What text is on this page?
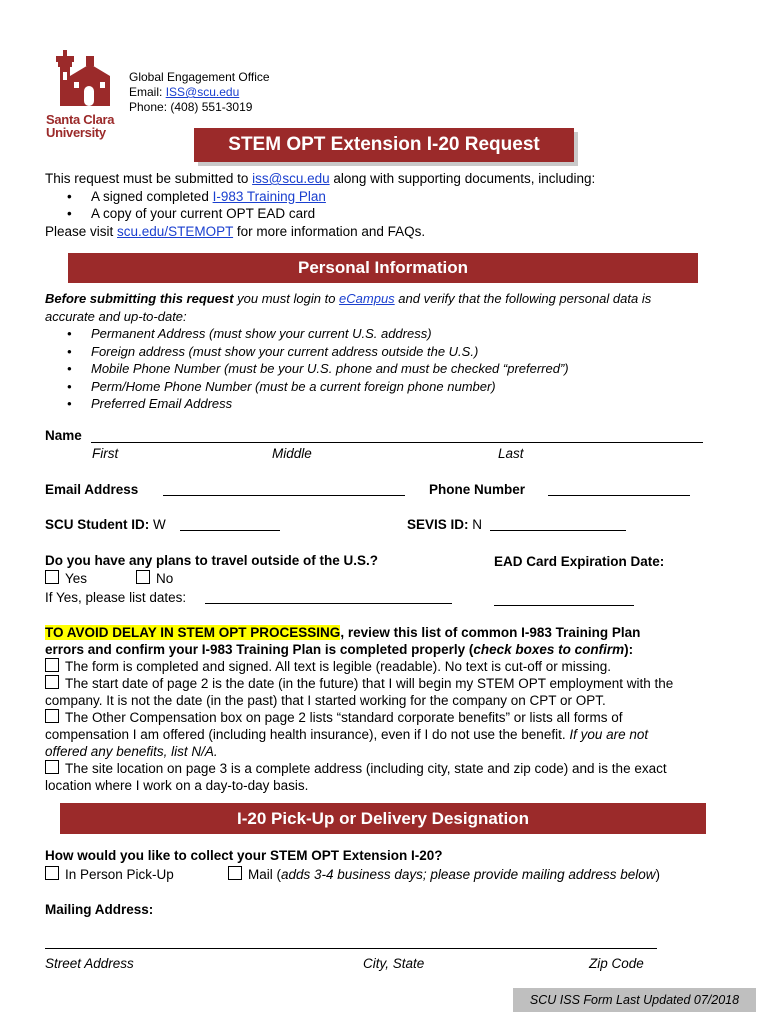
Santa Clara
University
Global Engagement Office
Email: ISS@scu.edu
Phone: (408) 551-3019
STEM OPT Extension I-20 Request
This request must be submitted to iss@scu.edu along with supporting documents, including:
• A signed completed I-983 Training Plan
• A copy of your current OPT EAD card
Please visit scu.edu/STEMOPT for more information and FAQs.
Personal Information
Before submitting this request you must login to eCampus and verify that the following personal data is
accurate and up-to-date:
• Permanent Address (must show your current U.S. address)
• Foreign address (must show your current address outside the U.S.)
• Mobile Phone Number (must be your U.S. phone and must be checked “preferred”)
• Perm/Home Phone Number (must be a current foreign phone number)
• Preferred Email Address
Name
First	Middle	Last
Email Address	Phone Number
SCU Student ID: W	SEVIS ID: N
Do you have any plans to travel outside of the U.S.?
Yes	No
If Yes, please list dates:
EAD Card Expiration Date:
TO AVOID DELAY IN STEM OPT PROCESSING, review this list of common I-983 Training Plan
errors and confirm your I-983 Training Plan is completed properly (check boxes to confirm):
The form is completed and signed. All text is legible (readable). No text is cut-off or missing.
The start date of page 2 is the date (in the future) that I will begin my STEM OPT employment with the
company. It is not the date (in the past) that I started working for the company on CPT or OPT.
The Other Compensation box on page 2 lists “standard corporate benefits” or lists all forms of
compensation I am offered (including health insurance), even if I do not use the benefit. If you are not
offered any benefits, list N/A.
The site location on page 3 is a complete address (including city, state and zip code) and is the exact
location where I work on a day-to-day basis.
I-20 Pick-Up or Delivery Designation
How would you like to collect your STEM OPT Extension I-20?
In Person Pick-Up	Mail (adds 3-4 business days; please provide mailing address below)
Mailing Address:
Street Address	City, State	Zip Code
SCU ISS Form Last Updated 07/2018
